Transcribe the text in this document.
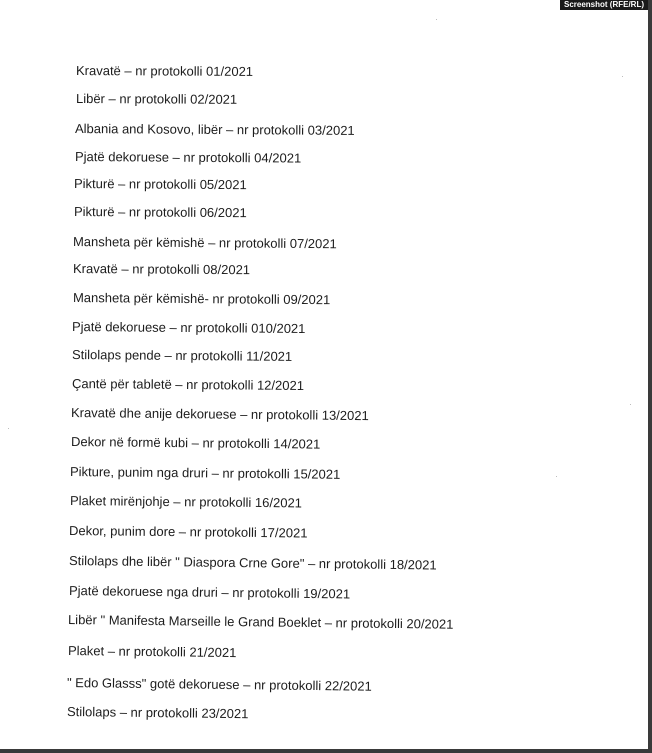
Screenshot (RFE/RL)
Kravatë – nr protokolli 01/2021
Libër – nr protokolli 02/2021
Albania and Kosovo, libër – nr protokolli 03/2021
Pjatë dekoruese – nr protokolli 04/2021
Pikturë – nr protokolli 05/2021
Pikturë – nr protokolli 06/2021
Mansheta për këmishë – nr protokolli 07/2021
Kravatë – nr protokolli 08/2021
Mansheta për këmishë- nr protokolli 09/2021
Pjatë dekoruese – nr protokolli 010/2021
Stilolaps pende – nr protokolli 11/2021
Çantë për tabletë – nr protokolli 12/2021
Kravatë dhe anije dekoruese – nr protokolli 13/2021
Dekor në formë kubi – nr protokolli 14/2021
Pikture, punim nga druri – nr protokolli 15/2021
Plaket mirënjohje – nr protokolli 16/2021
Dekor, punim dore – nr protokolli 17/2021
Stilolaps dhe libër " Diaspora Crne Gore" – nr protokolli 18/2021
Pjatë dekoruese nga druri – nr protokolli 19/2021
Libër " Manifesta Marseille le Grand Boeklet – nr protokolli 20/2021
Plaket – nr protokolli 21/2021
" Edo Glasss" gotë dekoruese – nr protokolli 22/2021
Stilolaps – nr protokolli 23/2021
